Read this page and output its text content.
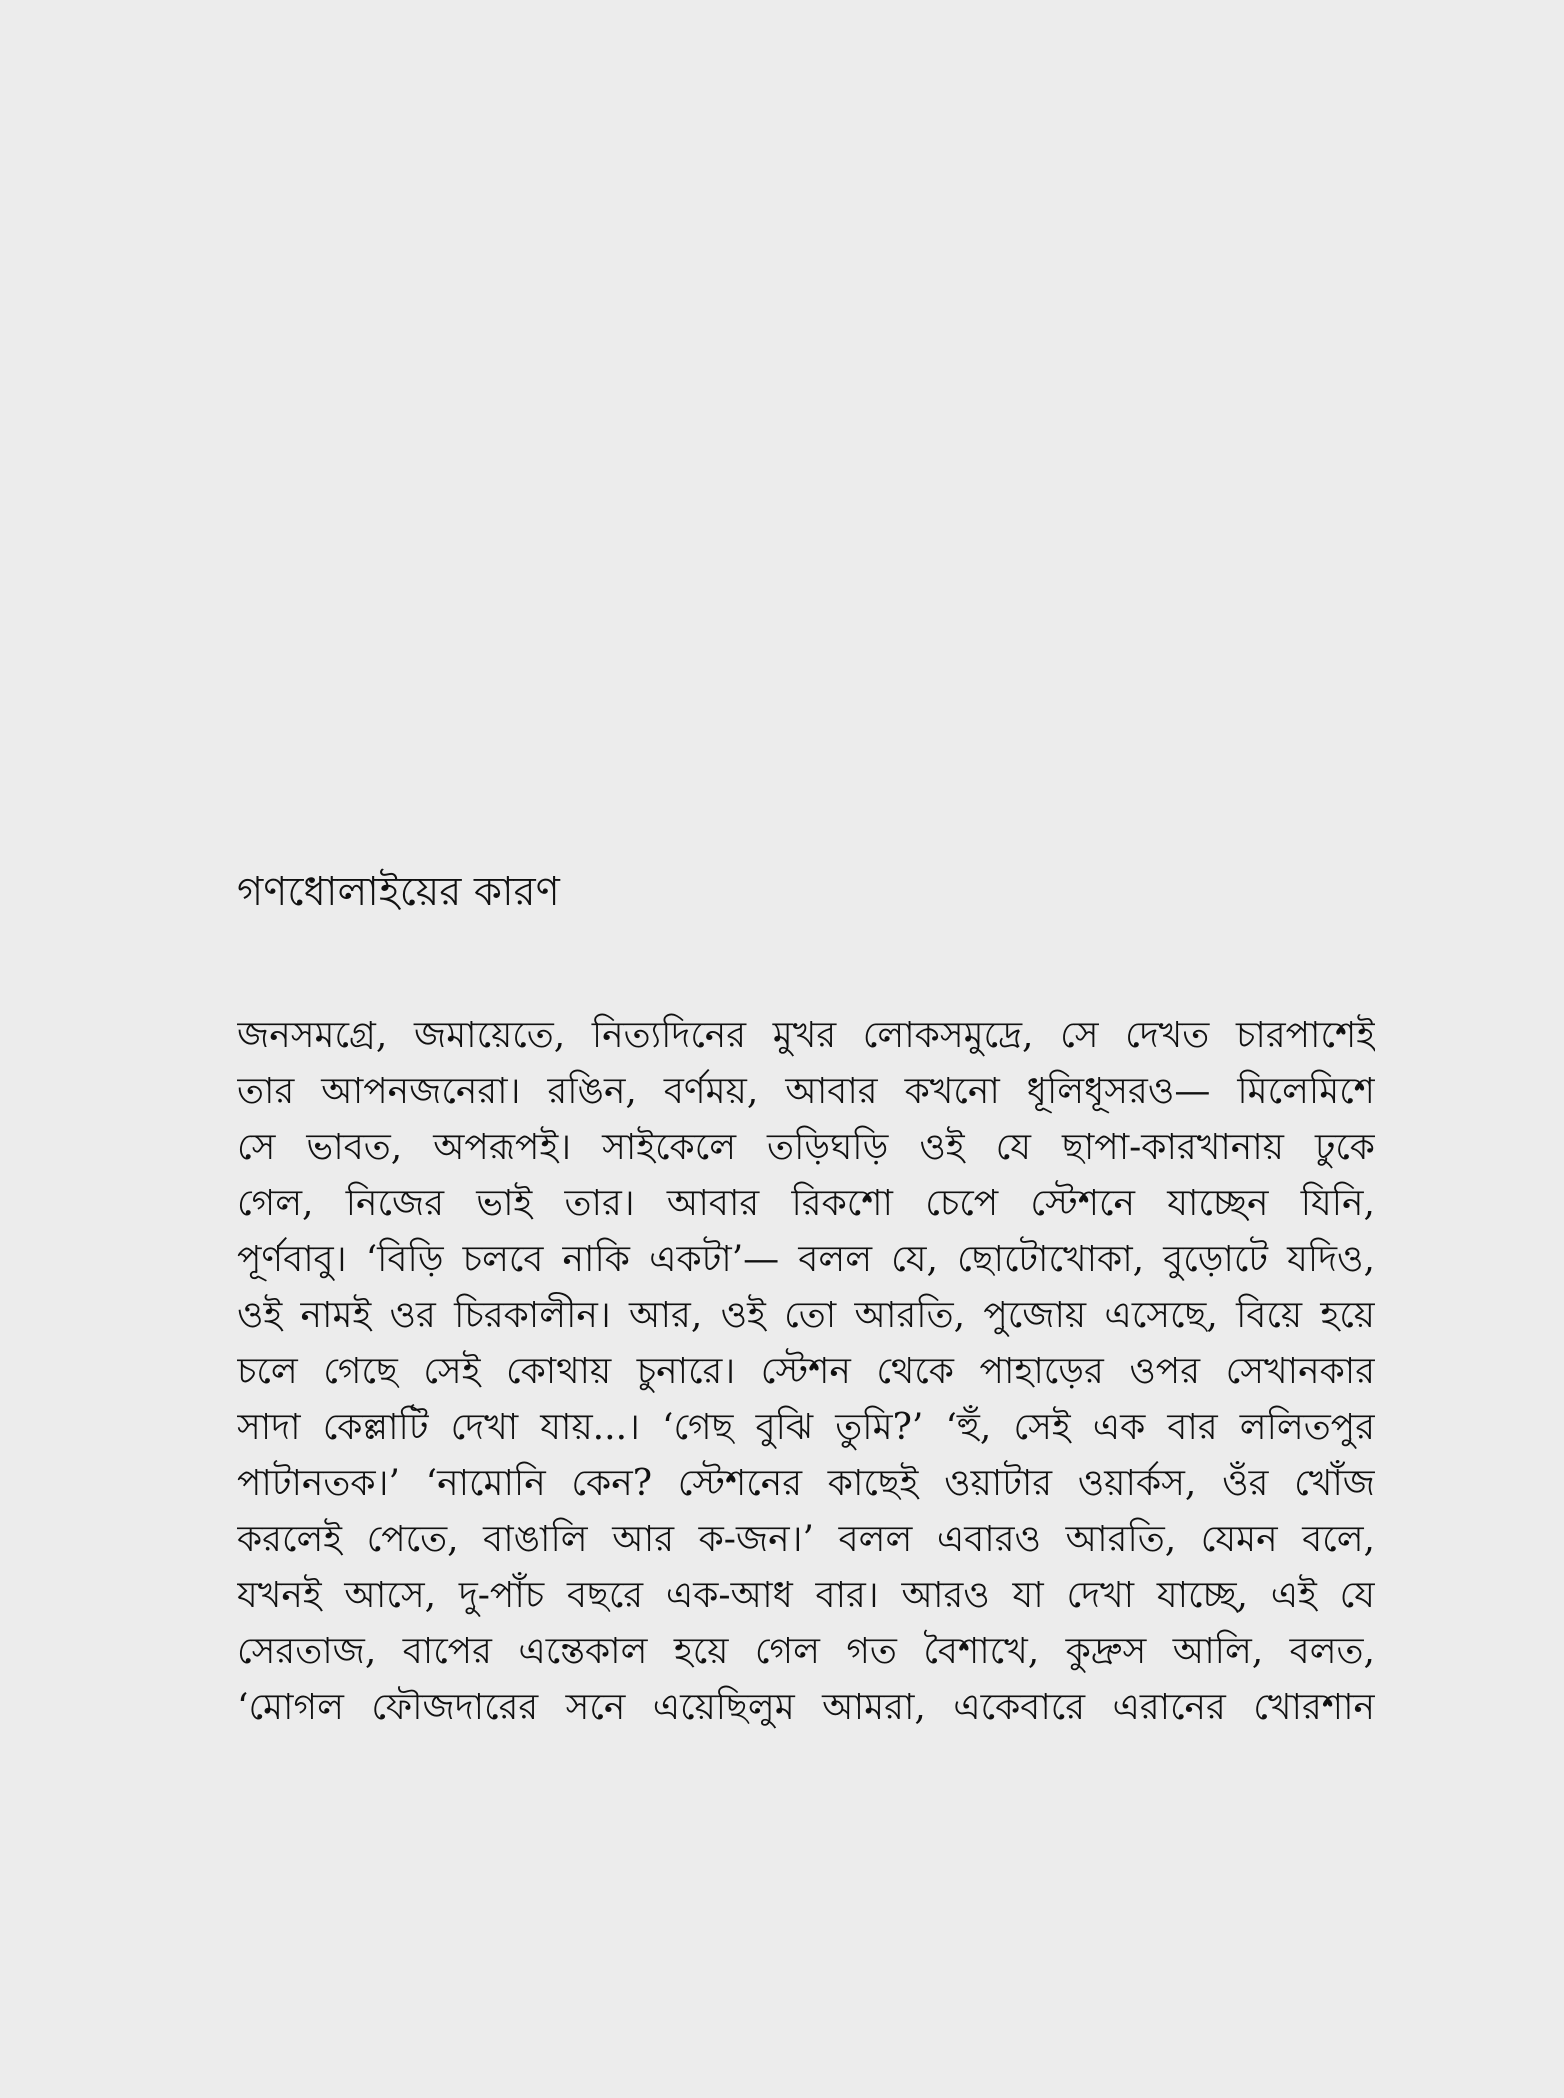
গণধোলাইয়ের কারণ
জনসমগ্রে, জমায়েতে, নিত্যদিনের মুখর লোকসমুদ্রে, সে দেখত চারপাশেই
তার আপনজনেরা। রঙিন, বর্ণময়, আবার কখনো ধূলিধূসরও— মিলেমিশে
সে ভাবত, অপরূপই। সাইকেলে তড়িঘড়ি ওই যে ছাপা-কারখানায় ঢুকে
গেল, নিজের ভাই তার। আবার রিকশো চেপে স্টেশনে যাচ্ছেন যিনি,
পূর্ণবাবু। ‘বিড়ি চলবে নাকি একটা’— বলল যে, ছোটোখোকা, বুড়োটে যদিও,
ওই নামই ওর চিরকালীন। আর, ওই তো আরতি, পুজোয় এসেছে, বিয়ে হয়ে
চলে গেছে সেই কোথায় চুনারে। স্টেশন থেকে পাহাড়ের ওপর সেখানকার
সাদা কেল্লাটি দেখা যায়...। ‘গেছ বুঝি তুমি?’ ‘হুঁ, সেই এক বার ললিতপুর
পাটানতক।’ ‘নামোনি কেন? স্টেশনের কাছেই ওয়াটার ওয়ার্কস, ওঁর খোঁজ
করলেই পেতে, বাঙালি আর ক-জন।’ বলল এবারও আরতি, যেমন বলে,
যখনই আসে, দু-পাঁচ বছরে এক-আধ বার। আরও যা দেখা যাচ্ছে, এই যে
সেরতাজ, বাপের এন্তেকাল হয়ে গেল গত বৈশাখে, কুদ্রুস আলি, বলত,
‘মোগল ফৌজদারের সনে এয়েছিলুম আমরা, একেবারে এরানের খোরশান
